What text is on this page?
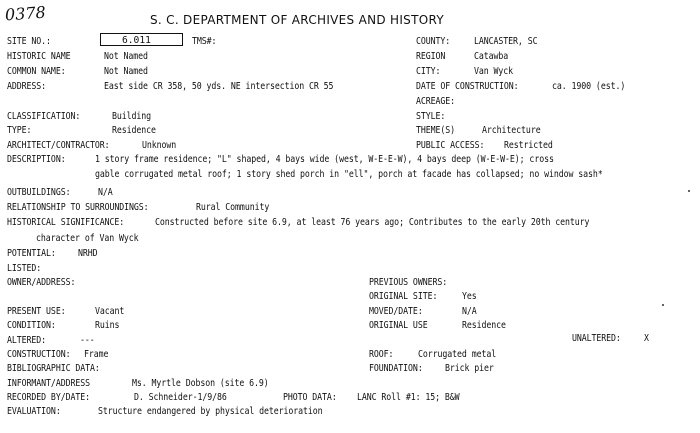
0378	S. C. DEPARTMENT OF ARCHIVES AND HISTORY
SITE NO.:	6.011	TMS#:	COUNTY: LANCASTER, SC
HISTORIC NAME	Not Named	REGION	Catawba
COMMON NAME:	Not Named	CITY:	Van Wyck
ADDRESS:	East side CR 358, 50 yds. NE intersection CR 55	DATE OF CONSTRUCTION:	ca. 1900 (est.)
ACREAGE:
CLASSIFICATION:	Building	STYLE:
TYPE:	Residence	THEME(S)	Architecture
ARCHITECT/CONTRACTOR:	Unknown	PUBLIC ACCESS: Restricted
DESCRIPTION:	1 story frame residence; "L" shaped, 4 bays wide (west, W-E-E-W), 4 bays deep (W-E-W-E); cross
gable corrugated metal roof; 1 story shed porch in "ell", porch at facade has collapsed; no window sash*
OUTBUILDINGS:	N/A
RELATIONSHIP TO SURROUNDINGS:	Rural Community
HISTORICAL SIGNIFICANCE:	Constructed before site 6.9, at least 76 years ago; Contributes to the early 20th century
character of Van Wyck
POTENTIAL: NRHD
LISTED:
OWNER/ADDRESS:	PREVIOUS OWNERS:
ORIGINAL SITE:	Yes
PRESENT USE:	Vacant	MOVED/DATE:	N/A
CONDITION:	Ruins	ORIGINAL USE	Residence
ALTERED:	---	UNALTERED: X
CONSTRUCTION: Frame	ROOF:	Corrugated metal
BIBLIOGRAPHIC DATA:	FOUNDATION: Brick pier
INFORMANT/ADDRESS	Ms. Myrtle Dobson (site 6.9)
RECORDED BY/DATE:	D. Schneider-1/9/86	PHOTO DATA: LANC Roll #1: 15; B&W
EVALUATION:	Structure endangered by physical deterioration
